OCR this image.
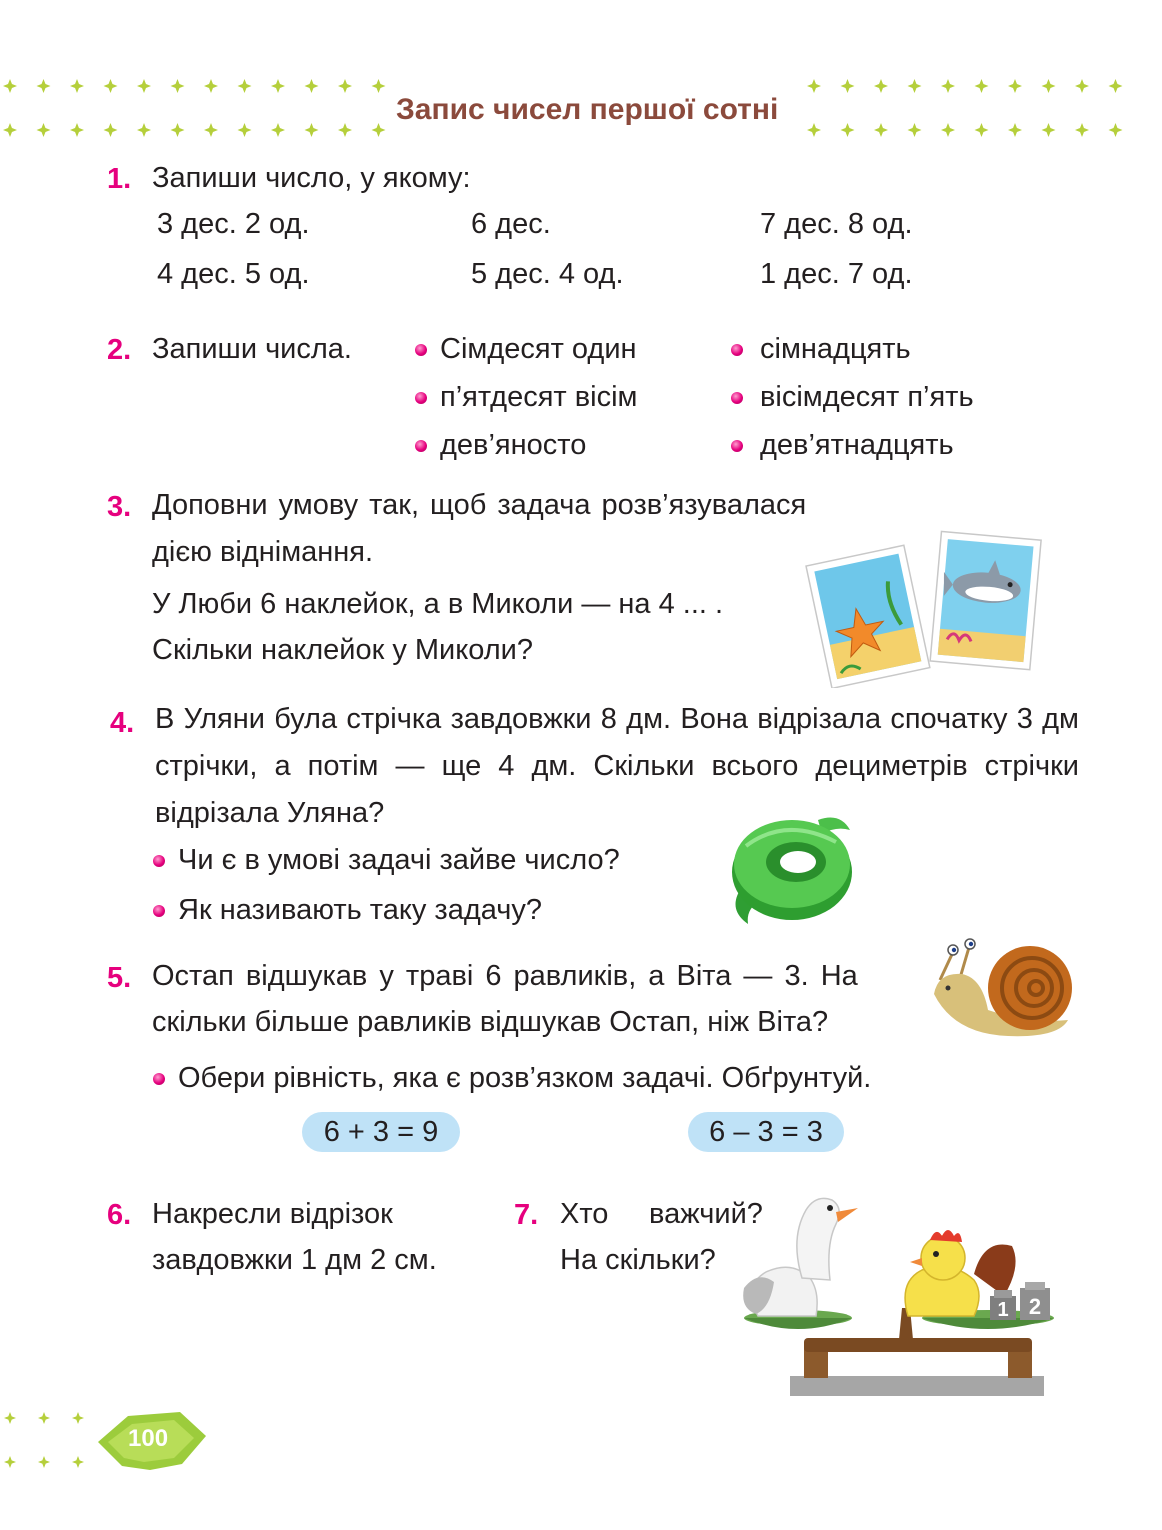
Запис чисел першої сотні
1. Запиши число, у якому:
3 дес. 2 од.	6 дес.	7 дес. 8 од.
4 дес. 5 од.	5 дес. 4 од.	1 дес. 7 од.
2. Запиши числа.	Сімдесят один
п’ятдесят вісім
дев’яносто
сімнадцять
вісімдесят п’ять
дев’ятнадцять
3. Доповни умову так, щоб задача розв’язувалася
дією віднімання.
У Люби 6 наклейок, а в Миколи — на 4 ... .
Скільки наклейок у Миколи?
4. В Уляни була стрічка завдовжки 8 дм. Вона відрізала спочатку 3 дм стрічки, а потім — ще 4 дм. Скільки всього дециметрів стрічки відрізала Уляна?
Чи є в умові задачі зайве число?
Як називають таку задачу?
5. Остап відшукав у траві 6 равликів, а Віта — 3. На
скільки більше равликів відшукав Остап, ніж Віта?
Обери рівність, яка є розв’язком задачі. Обґрунтуй.
6 + 3 = 9	6 – 3 = 3
6. Накресли відрізок
завдовжки 1 дм 2 см.
7. Хто важчий?
На скільки?
1 2
100
